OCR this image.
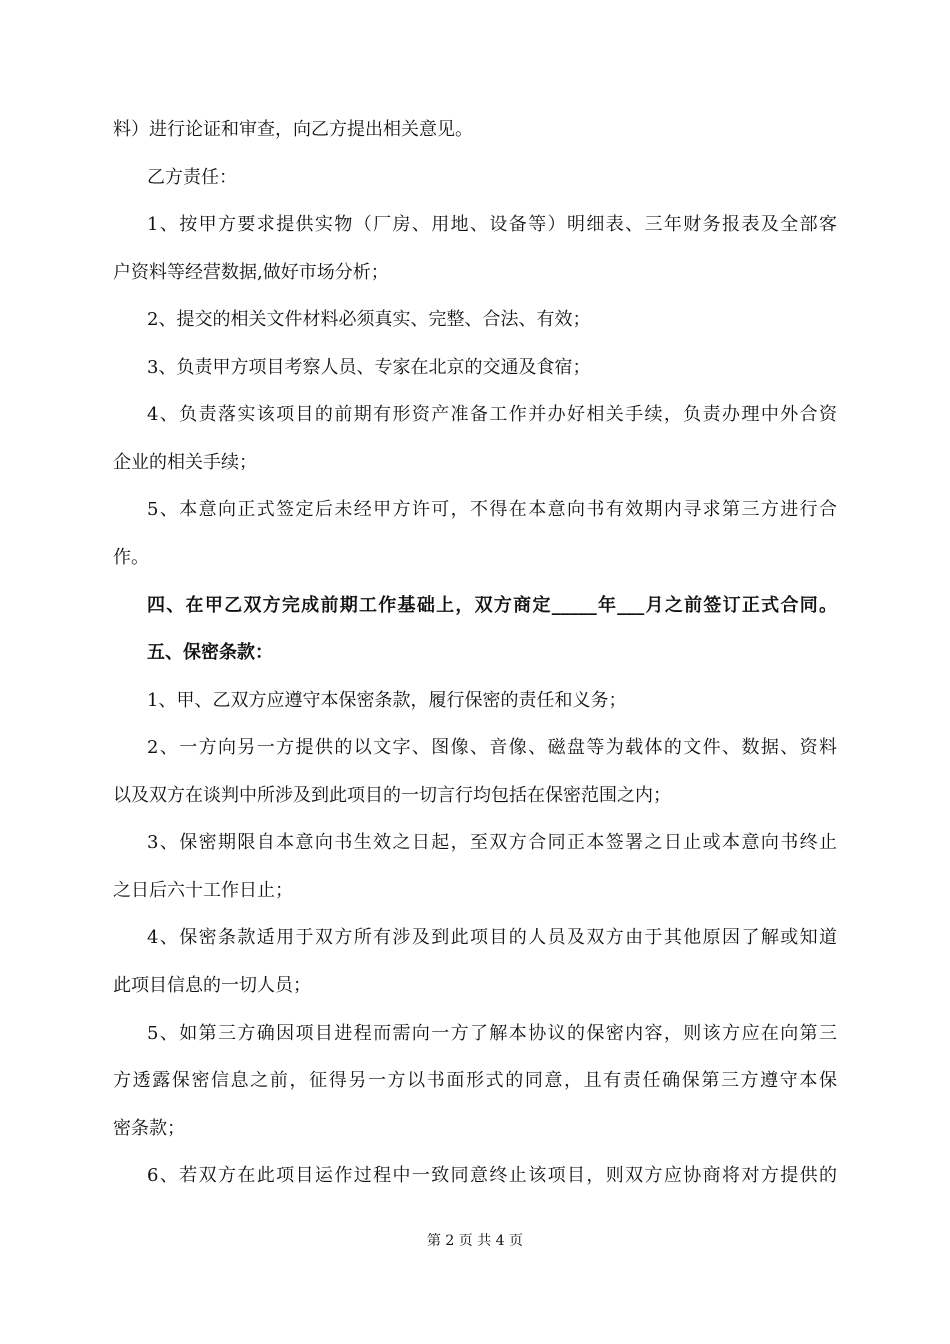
料）进行论证和审查，向乙方提出相关意见。
乙方责任：
1、按甲方要求提供实物（厂房、用地、设备等）明细表、三年财务报表及全部客
户资料等经营数据,做好市场分析；
2、提交的相关文件材料必须真实、完整、合法、有效；
3、负责甲方项目考察人员、专家在北京的交通及食宿；
4、负责落实该项目的前期有形资产准备工作并办好相关手续，负责办理中外合资
企业的相关手续；
5、本意向正式签定后未经甲方许可，不得在本意向书有效期内寻求第三方进行合
作。
四、在甲乙双方完成前期工作基础上，双方商定_____年___月之前签订正式合同。
五、保密条款：
1、甲、乙双方应遵守本保密条款，履行保密的责任和义务；
2、一方向另一方提供的以文字、图像、音像、磁盘等为载体的文件、数据、资料
以及双方在谈判中所涉及到此项目的一切言行均包括在保密范围之内；
3、保密期限自本意向书生效之日起，至双方合同正本签署之日止或本意向书终止
之日后六十工作日止；
4、保密条款适用于双方所有涉及到此项目的人员及双方由于其他原因了解或知道
此项目信息的一切人员；
5、如第三方确因项目进程而需向一方了解本协议的保密内容，则该方应在向第三
方透露保密信息之前，征得另一方以书面形式的同意，且有责任确保第三方遵守本保
密条款；
6、若双方在此项目运作过程中一致同意终止该项目，则双方应协商将对方提供的
第 2 页 共 4 页
